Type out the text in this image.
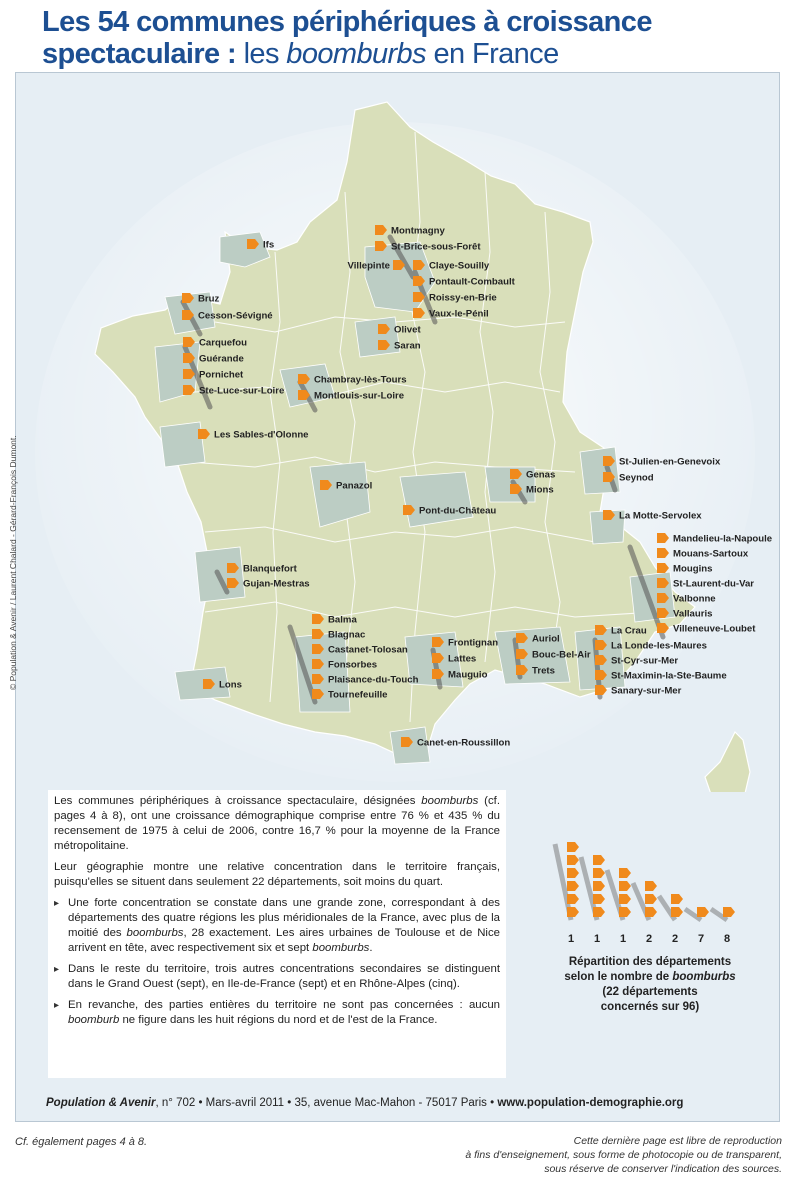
Les 54 communes périphériques à croissance spectaculaire : les boomburbs en France
Ifs
Montmagny
St-Brice-sous-Forêt
Villepinte	Claye-Souilly
Pontault-Combault
Roissy-en-Brie
Vaux-le-Pénil
Bruz
Cesson-Sévigné
Olivet
Saran
Carquefou
Guérande
Pornichet
Ste-Luce-sur-Loire
Chambray-lès-Tours
Montlouis-sur-Loire
Les Sables-d'Olonne
Panazol
Genas
Mions
Pont-du-Château
St-Julien-en-Genevoix
Seynod
La Motte-Servolex
Mandelieu-la-Napoule
Mouans-Sartoux
Mougins
St-Laurent-du-Var
Valbonne
Vallauris
Villeneuve-Loubet
Blanquefort
Gujan-Mestras
Balma
Blagnac
Castanet-Tolosan
Fonsorbes
Plaisance-du-Touch
Tournefeuille
Frontignan
Lattes
Mauguio
Auriol
Bouc-Bel-Air
Trets
La Crau
La Londe-les-Maures
St-Cyr-sur-Mer
St-Maximin-la-Ste-Baume
Sanary-sur-Mer
Lons
Canet-en-Roussillon
© Population & Avenir / Laurent Chalard - Gérard-François Dumont.

Les communes périphériques à croissance spectaculaire, désignées boomburbs (cf. pages 4 à 8), ont une croissance démographique comprise entre 76 % et 435 % du recensement de 1975 à celui de 2006, contre 16,7 % pour la moyenne de la France métropolitaine.

Leur géographie montre une relative concentration dans le territoire français, puisqu'elles se situent dans seulement 22 départements, soit moins du quart.

▸ Une forte concentration se constate dans une grande zone, correspondant à des départements des quatre régions les plus méridionales de la France, avec plus de la moitié des boomburbs, 28 exactement. Les aires urbaines de Toulouse et de Nice arrivent en tête, avec respectivement six et sept boomburbs.
▸ Dans le reste du territoire, trois autres concentrations secondaires se distinguent dans le Grand Ouest (sept), en Ile-de-France (sept) et en Rhône-Alpes (cinq).
▸ En revanche, des parties entières du territoire ne sont pas concernées : aucun boomburb ne figure dans les huit régions du nord et de l'est de la France.
1 1 1 2 2 7 8
Répartition des départements
selon le nombre de boomburbs
(22 départements
concernés sur 96)
Population & Avenir, n° 702 • Mars-avril 2011 • 35, avenue Mac-Mahon - 75017 Paris • www.population-demographie.org
Cf. également pages 4 à 8.	Cette dernière page est libre de reproduction
à fins d'enseignement, sous forme de photocopie ou de transparent,
sous réserve de conserver l'indication des sources.
